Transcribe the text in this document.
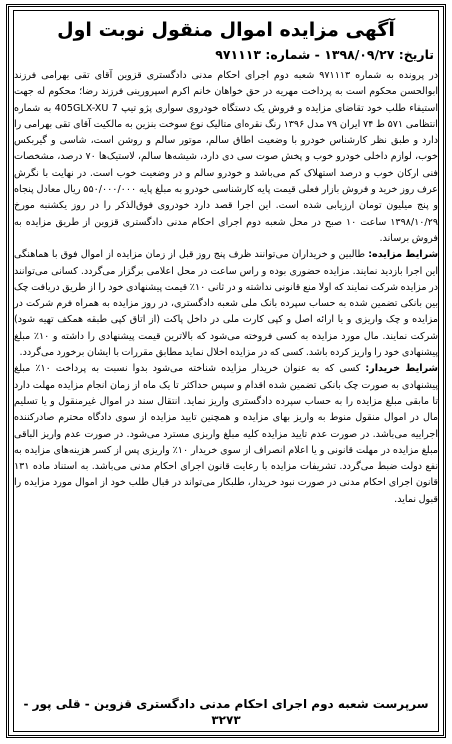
آگهی مزایده اموال منقول نوبت اول
تاریخ: ۱۳۹۸/۰۹/۲۷ - شماره: ۹۷۱۱۱۳

در پرونده به شماره ۹۷۱۱۱۳ شعبه دوم اجرای احکام مدنی دادگستری قزوین آقای تقی بهرامی فرزند ابوالحسن محکوم است به پرداخت مهریه در حق خواهان خانم اکرم اسپرورینی فرزند رضا؛ محکوم له جهت استیفاء طلب خود تقاضای مزایده و فروش یک دستگاه خودروی سواری پژو تیپ 405GLX-XU 7 به شماره انتظامی ۵۷۱ ط ۷۴ ایران ۷۹ مدل ۱۳۹۶ رنگ نقره‌ای متالیک نوع سوخت بنزین به مالکیت آقای تقی بهرامی را دارد و طبق نظر کارشناس خودرو با وضعیت اطاق سالم، موتور سالم و روشن است، شاسی و گیربکس خوب، لوازم داخلی خودرو خوب و پخش صوت سی دی دارد، شیشه‌ها سالم، لاستیک‌ها ۷۰ درصد، مشخصات فنی ارکان خوب و درصد استهلاک کم می‌باشد و خودرو سالم و در وضعیت خوب است. در نهایت با نگرش عرف روز خرید و فروش بازار فعلی قیمت پایه کارشناسی خودرو به مبلغ پایه ۵۵۰/۰۰۰/۰۰۰ ریال معادل پنجاه و پنج میلیون تومان ارزیابی شده است. این اجرا قصد دارد خودروی فوق‌الذکر را در روز یکشنبه مورخ ۱۳۹۸/۱۰/۲۹ ساعت ۱۰ صبح در محل شعبه دوم اجرای احکام مدنی دادگستری قزوین از طریق مزایده به فروش برساند.

شرایط مزایده: طالبین و خریداران می‌توانند ظرف پنج روز قبل از زمان مزایده از اموال فوق با هماهنگی این اجرا بازدید نمایند. مزایده حضوری بوده و راس ساعت در محل اعلامی برگزار می‌گردد. کسانی می‌توانند در مزایده شرکت نمایند که اولا منع قانونی نداشته و در ثانی ۱۰٪ قیمت پیشنهادی خود را از طریق دریافت چک بین بانکی تضمین شده به حساب سپرده بانک ملی شعبه دادگستری، در روز مزایده به همراه فرم شرکت در مزایده و چک واریزی و یا ارائه اصل و کپی کارت ملی در داخل پاکت (از اتاق کپی طبقه همکف تهیه شود) شرکت نمایند. مال مورد مزایده به کسی فروخته می‌شود که بالاترین قیمت پیشنهادی را داشته و ۱۰٪ مبلغ پیشنهادی خود را واریز کرده باشد. کسی که در مزایده اخلال نماید مطابق مقررات با ایشان برخورد می‌گردد.

شرایط خریدار: کسی که به عنوان خریدار مزایده شناخته می‌شود بدوا نسبت به پرداخت ۱۰٪ مبلغ پیشنهادی به صورت چک بانکی تضمین شده اقدام و سپس حداکثر تا یک ماه از زمان انجام مزایده مهلت دارد تا مابقی مبلغ مزایده را به حساب سپرده دادگستری واریز نماید. انتقال سند در اموال غیرمنقول و یا تسلیم مال در اموال منقول منوط به واریز بهای مزایده و همچنین تایید مزایده از سوی دادگاه محترم صادرکننده اجراییه می‌باشد. در صورت عدم تایید مزایده کلیه مبلغ واریزی مسترد می‌شود. در صورت عدم واریز الباقی مبلغ مزایده در مهلت قانونی و یا اعلام انصراف از سوی خریدار ۱۰٪ واریزی پس از کسر هزینه‌های مزایده به نفع دولت ضبط می‌گردد. تشریفات مزایده با رعایت قانون اجرای احکام مدنی می‌باشد. به استناد ماده ۱۳۱ قانون اجرای احکام مدنی در صورت نبود خریدار، طلبکار می‌تواند در قبال طلب خود از اموال مورد مزایده را قبول نماید.

سرپرست شعبه دوم اجرای احکام مدنی دادگستری قزوین - قلی پور - ۳۲۷۳
